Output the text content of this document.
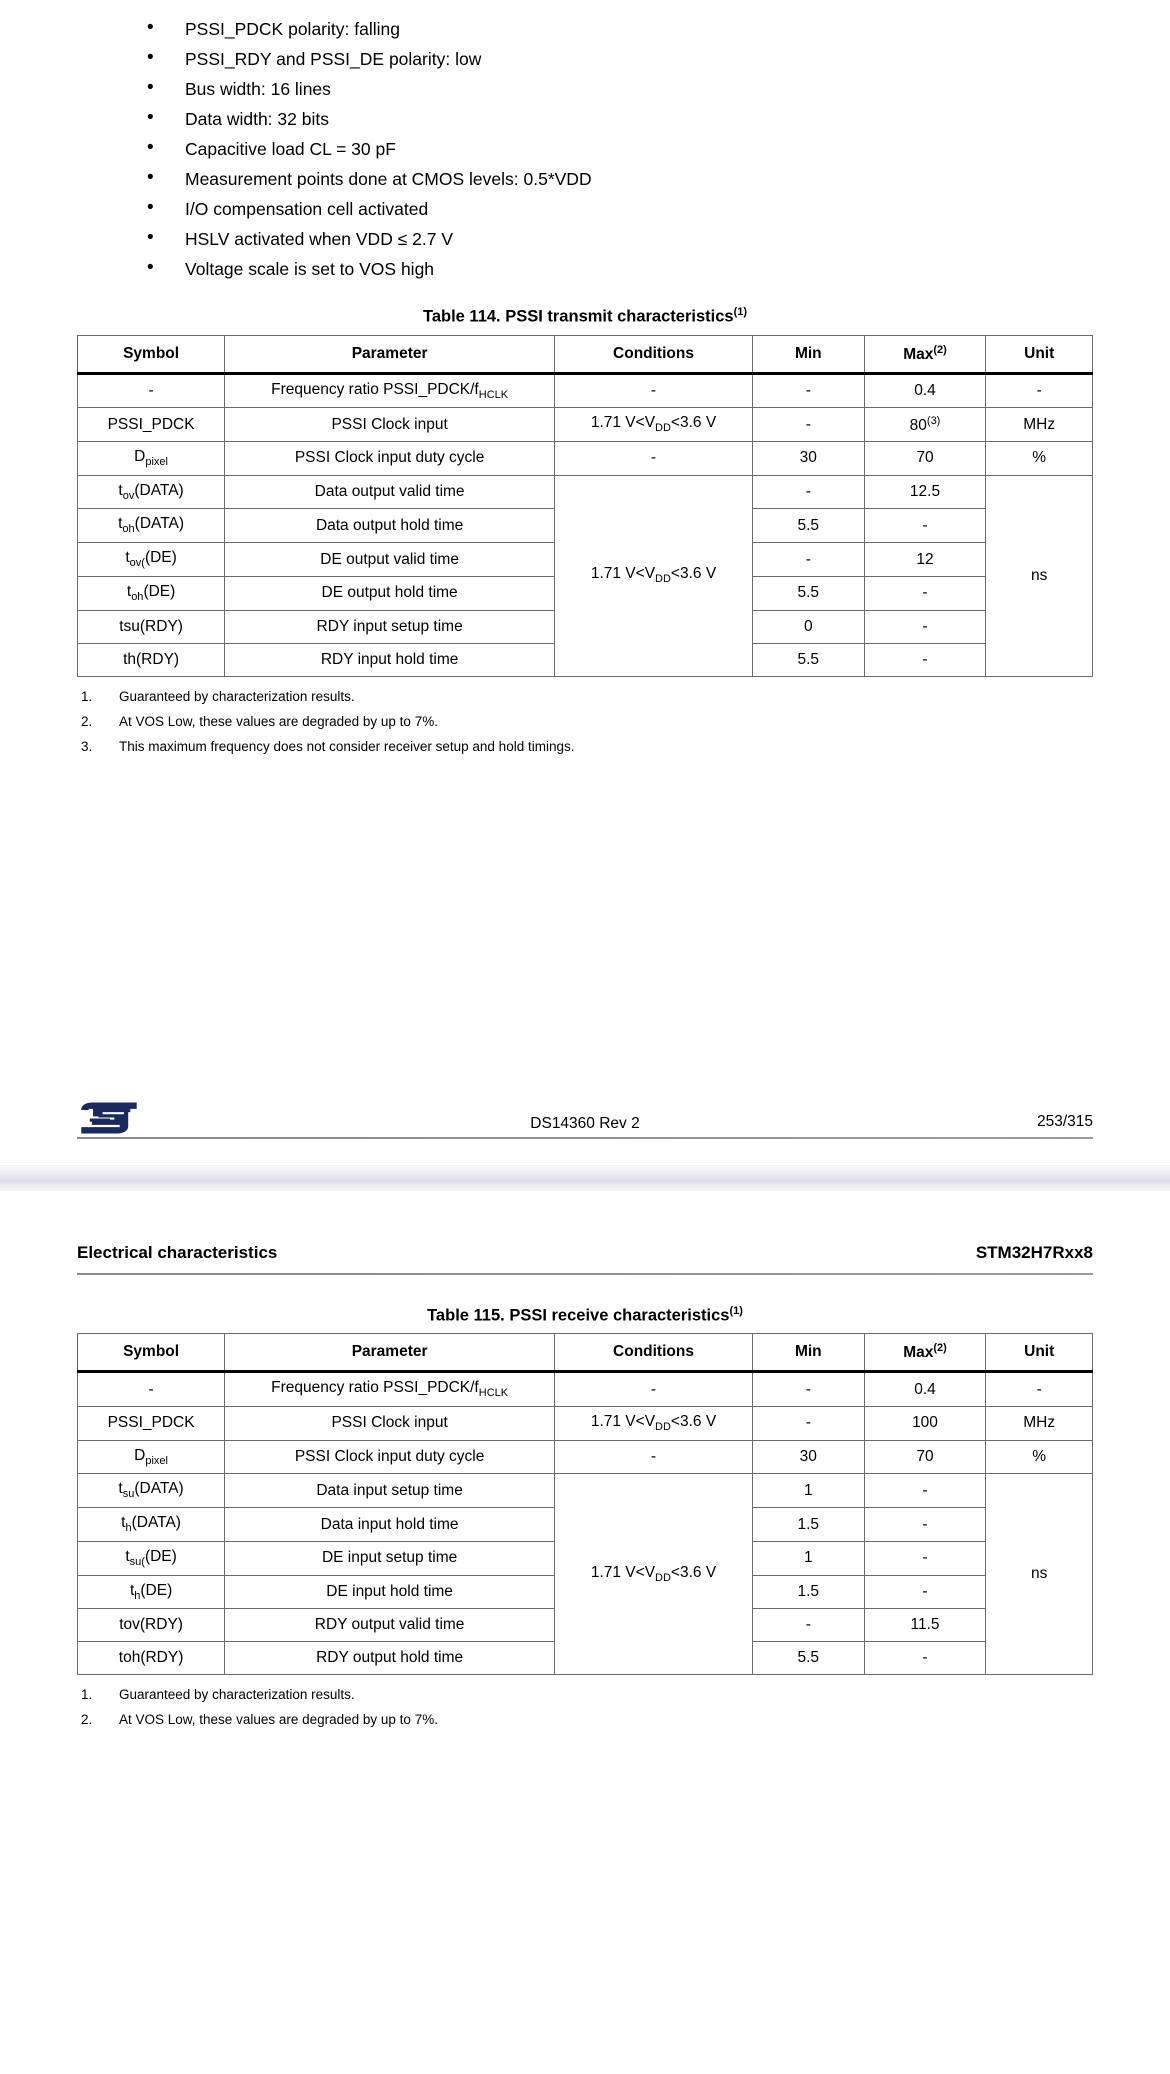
• PSSI_PDCK polarity: falling
• PSSI_RDY and PSSI_DE polarity: low
• Bus width: 16 lines
• Data width: 32 bits
• Capacitive load CL = 30 pF
• Measurement points done at CMOS levels: 0.5*VDD
• I/O compensation cell activated
• HSLV activated when VDD ≤ 2.7 V
• Voltage scale is set to VOS high
Table 114. PSSI transmit characteristics$^{(1)}$
Symbol	Parameter	Conditions	Min	Max$^{(2)}$	Unit
-	Frequency ratio $PSSI\_PDCK/f_{HCLK}$	-	-	0.4	-
PSSI_PDCK	PSSI Clock input	1.71 $V<V_{DD}<3.6$ V	-	80$^{(3)}$	MHz
$D_{pixel}$	PSSI Clock input duty cycle	-	30	70	%
$t_{ov}(DATA)$	Data output valid time	1.71 $V<V_{DD}<3.6$ V	-	12.5	ns
$t_{oh}(DATA)$	Data output hold time		5.5	-	
$t_{ov(}(DE)$	DE output valid time		-	12	
$t_{oh}(DE)$	DE output hold time		5.5	-	
tsu(RDY)	RDY input setup time		0	-	
th(RDY)	RDY input hold time		5.5	-	
1. Guaranteed by characterization results.
2. At VOS Low, these values are degraded by up to 7%.
3. This maximum frequency does not consider receiver setup and hold timings.
253/315
DS14360 Rev 2
Electrical characteristics	STM32H7Rxx8
Table 115. PSSI receive characteristics$^{(1)}$
Symbol	Parameter	Conditions	Min	Max$^{(2)}$	Unit
-	Frequency ratio $PSSI\_PDCK/f_{HCLK}$	-	-	0.4	-
PSSI_PDCK	PSSI Clock input	1.71 $V<V_{DD}<3.6$ V	-	100	MHz
$D_{pixel}$	PSSI Clock input duty cycle	-	30	70	%
$t_{su}(DATA)$	Data input setup time	1.71 $V<V_{DD}<3.6$ V	1	-	ns
$t_h(DATA)$	Data input hold time		1.5	-	
$t_{su(}(DE)$	DE input setup time		1	-	
$t_h(DE)$	DE input hold time		1.5	-	
tov(RDY)	RDY output valid time		-	11.5	
toh(RDY)	RDY output hold time		5.5	-	
1. Guaranteed by characterization results.
2. At VOS Low, these values are degraded by up to 7%.
